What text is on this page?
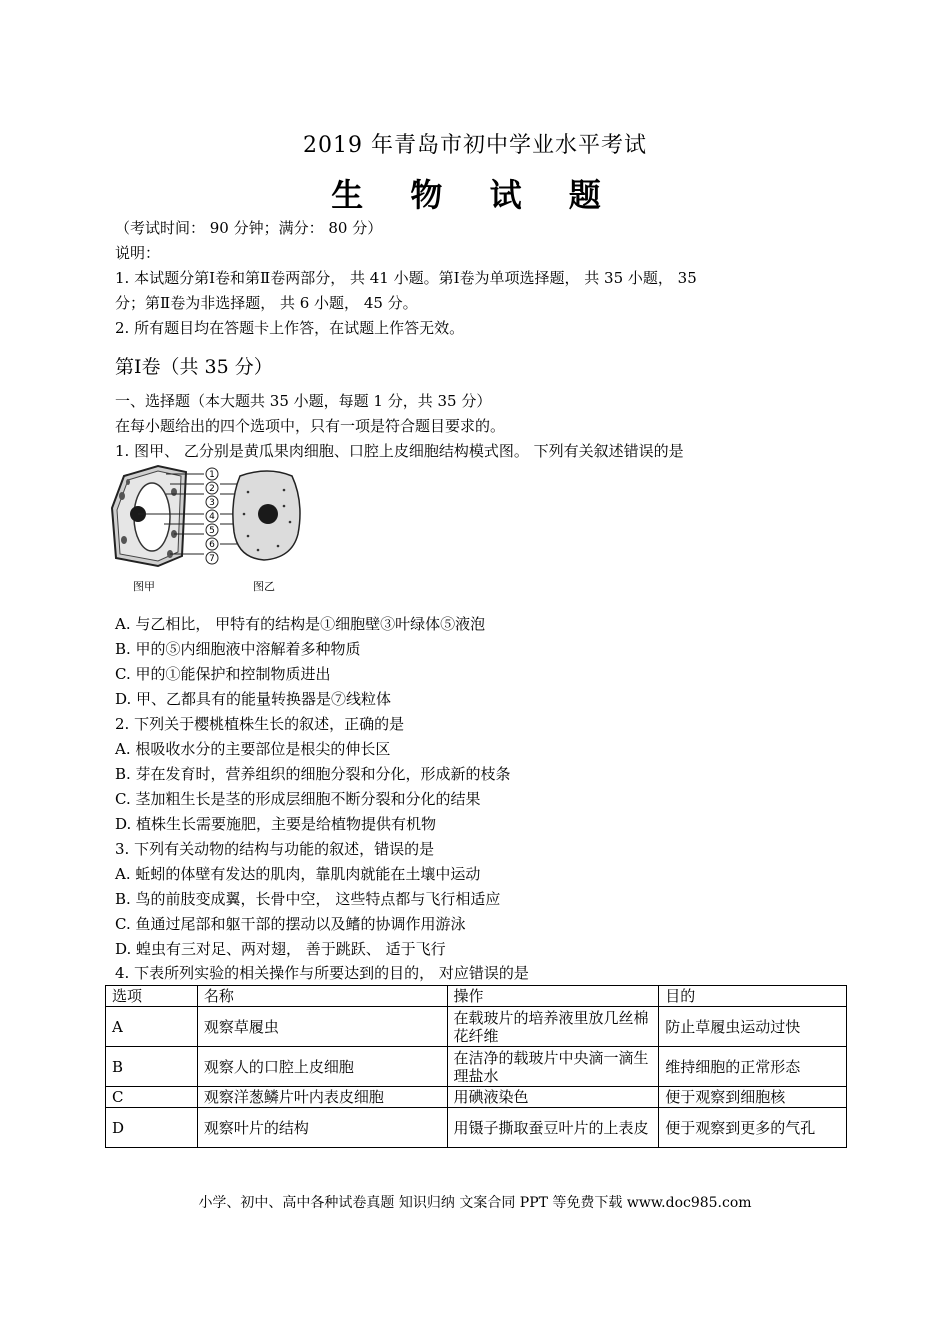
2019 年青岛市初中学业水平考试
生 物 试 题
（考试时间： 90 分钟；满分： 80 分）
说明：
1. 本试题分第Ⅰ卷和第Ⅱ卷两部分， 共 41 小题。第Ⅰ卷为单项选择题， 共 35 小题， 35
分；第Ⅱ卷为非选择题， 共 6 小题， 45 分。
2. 所有题目均在答题卡上作答，在试题上作答无效。
第Ⅰ卷（共 35 分）
一、选择题（本大题共 35 小题，每题 1 分，共 35 分）
在每小题给出的四个选项中，只有一项是符合题目要求的。
1. 图甲、 乙分别是黄瓜果肉细胞、口腔上皮细胞结构模式图。 下列有关叙述错误的是
1
2
3
4
5
6
7
图甲	图乙
A. 与乙相比， 甲特有的结构是①细胞壁③叶绿体⑤液泡
B. 甲的⑤内细胞液中溶解着多种物质
C. 甲的①能保护和控制物质进出
D. 甲、乙都具有的能量转换器是⑦线粒体
2. 下列关于樱桃植株生长的叙述，正确的是
A. 根吸收水分的主要部位是根尖的伸长区
B. 芽在发育时，营养组织的细胞分裂和分化，形成新的枝条
C. 茎加粗生长是茎的形成层细胞不断分裂和分化的结果
D. 植株生长需要施肥，主要是给植物提供有机物
3. 下列有关动物的结构与功能的叙述，错误的是
A. 蚯蚓的体壁有发达的肌肉，靠肌肉就能在土壤中运动
B. 鸟的前肢变成翼，长骨中空， 这些特点都与飞行相适应
C. 鱼通过尾部和躯干部的摆动以及鳍的协调作用游泳
D. 蝗虫有三对足、两对翅， 善于跳跃、 适于飞行
4. 下表所列实验的相关操作与所要达到的目的， 对应错误的是
选项	名称	操作	目的
A	观察草履虫	在载玻片的培养液里放几丝棉花纤维	防止草履虫运动过快
B	观察人的口腔上皮细胞	在洁净的载玻片中央滴一滴生理盐水	维持细胞的正常形态
C	观察洋葱鳞片叶内表皮细胞	用碘液染色	便于观察到细胞核
D	观察叶片的结构	用镊子撕取蚕豆叶片的上表皮	便于观察到更多的气孔
小学、初中、高中各种试卷真题 知识归纳 文案合同 PPT 等免费下载 www.doc985.com
